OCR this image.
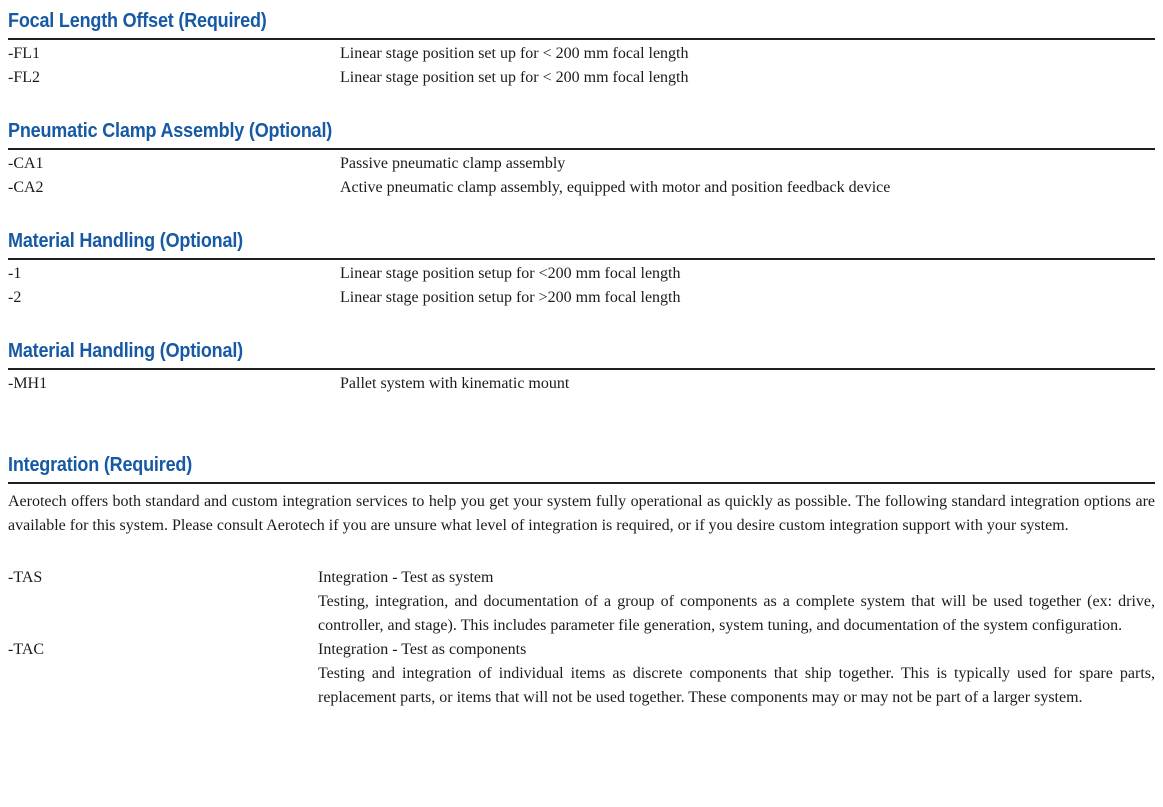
Focal Length Offset (Required)
-FL1	Linear stage position set up for < 200 mm focal length
-FL2	Linear stage position set up for < 200 mm focal length
Pneumatic Clamp Assembly (Optional)
-CA1	Passive pneumatic clamp assembly
-CA2	Active pneumatic clamp assembly, equipped with motor and position feedback device
Material Handling (Optional)
-1	Linear stage position setup for <200 mm focal length
-2	Linear stage position setup for >200 mm focal length
Material Handling (Optional)
-MH1	Pallet system with kinematic mount
Integration (Required)

Aerotech offers both standard and custom integration services to help you get your system fully operational as quickly as possible. The following standard integration options are available for this system. Please consult Aerotech if you are unsure what level of integration is required, or if you desire custom integration support with your system.

-TAS	Integration - Test as system
Testing, integration, and documentation of a group of components as a complete system that will be used together (ex: drive, controller, and stage). This includes parameter file generation, system tuning, and documentation of the system configuration.
-TAC	Integration - Test as components
Testing and integration of individual items as discrete components that ship together. This is typically used for spare parts, replacement parts, or items that will not be used together. These components may or may not be part of a larger system.
